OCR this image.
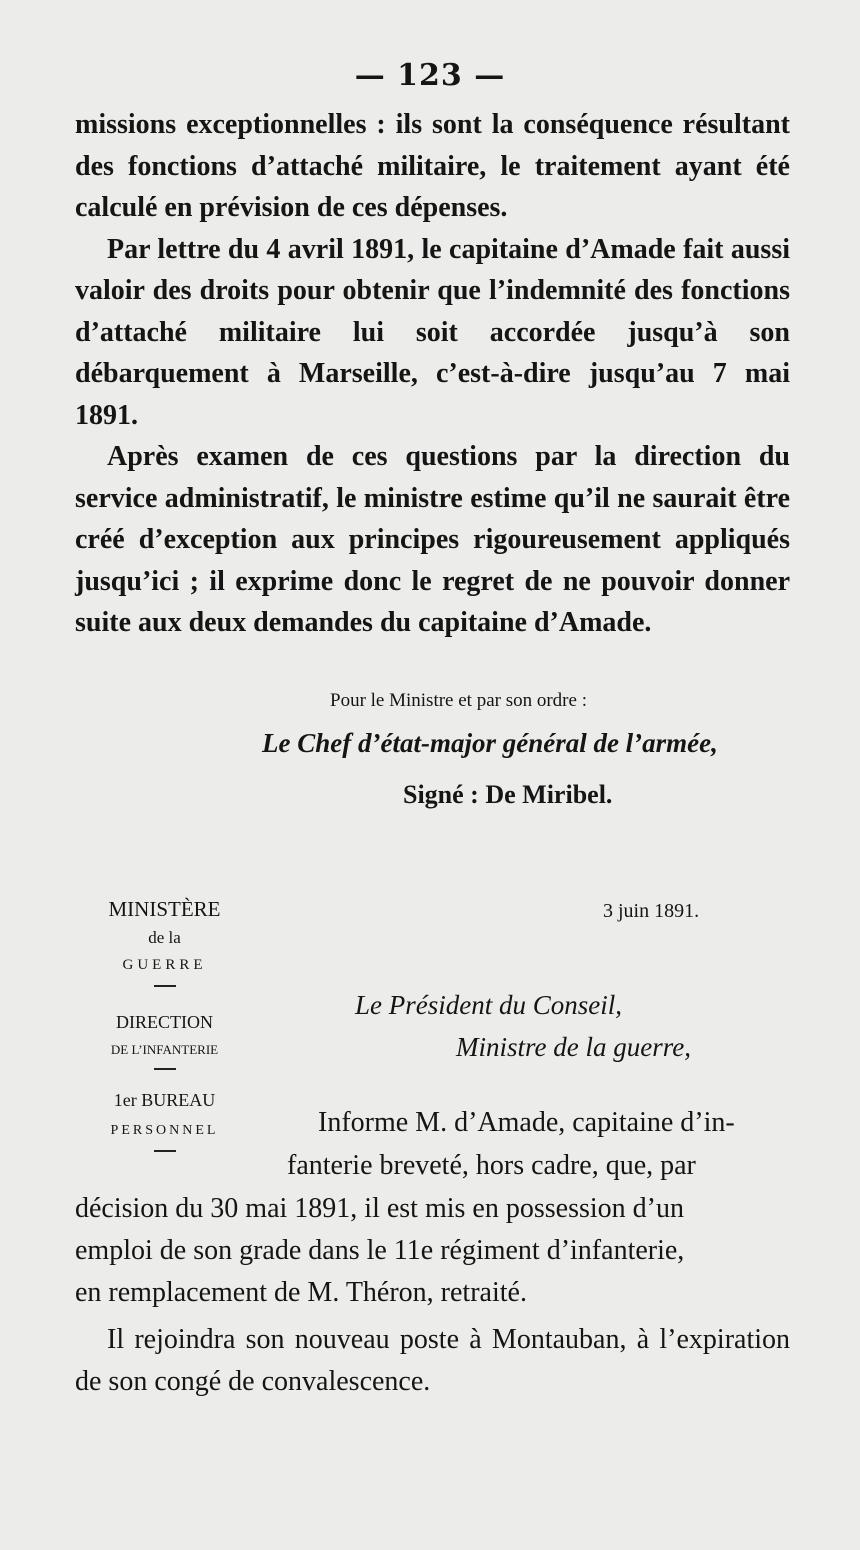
— 123 —

missions exceptionnelles : ils sont la conséquence résultant des fonctions d’attaché militaire, le traitement ayant été calculé en prévision de ces dépenses.

Par lettre du 4 avril 1891, le capitaine d’Amade fait aussi valoir des droits pour obtenir que l’indemnité des fonctions d’attaché militaire lui soit accordée jusqu’à son débarquement à Marseille, c’est-à-dire jusqu’au 7 mai 1891.

Après examen de ces questions par la direction du service administratif, le ministre estime qu’il ne saurait être créé d’exception aux principes rigoureusement appliqués jusqu’ici ; il exprime donc le regret de ne pouvoir donner suite aux deux demandes du capitaine d’Amade.

Pour le Ministre et par son ordre :
Le Chef d’état-major général de l’armée,
Signé : De Miribel.
MINISTÈRE
de la
GUERRE
DIRECTION
DE L’INFANTERIE
1er BUREAU
PERSONNEL
3 juin 1891.
Le Président du Conseil,
Ministre de la guerre,
Informe M. d’Amade, capitaine d’in-
fanterie breveté, hors cadre, que, par
décision du 30 mai 1891, il est mis en possession d’un
emploi de son grade dans le 11e régiment d’infanterie,
en remplacement de M. Théron, retraité.

Il rejoindra son nouveau poste à Montauban, à l’expiration de son congé de convalescence.
